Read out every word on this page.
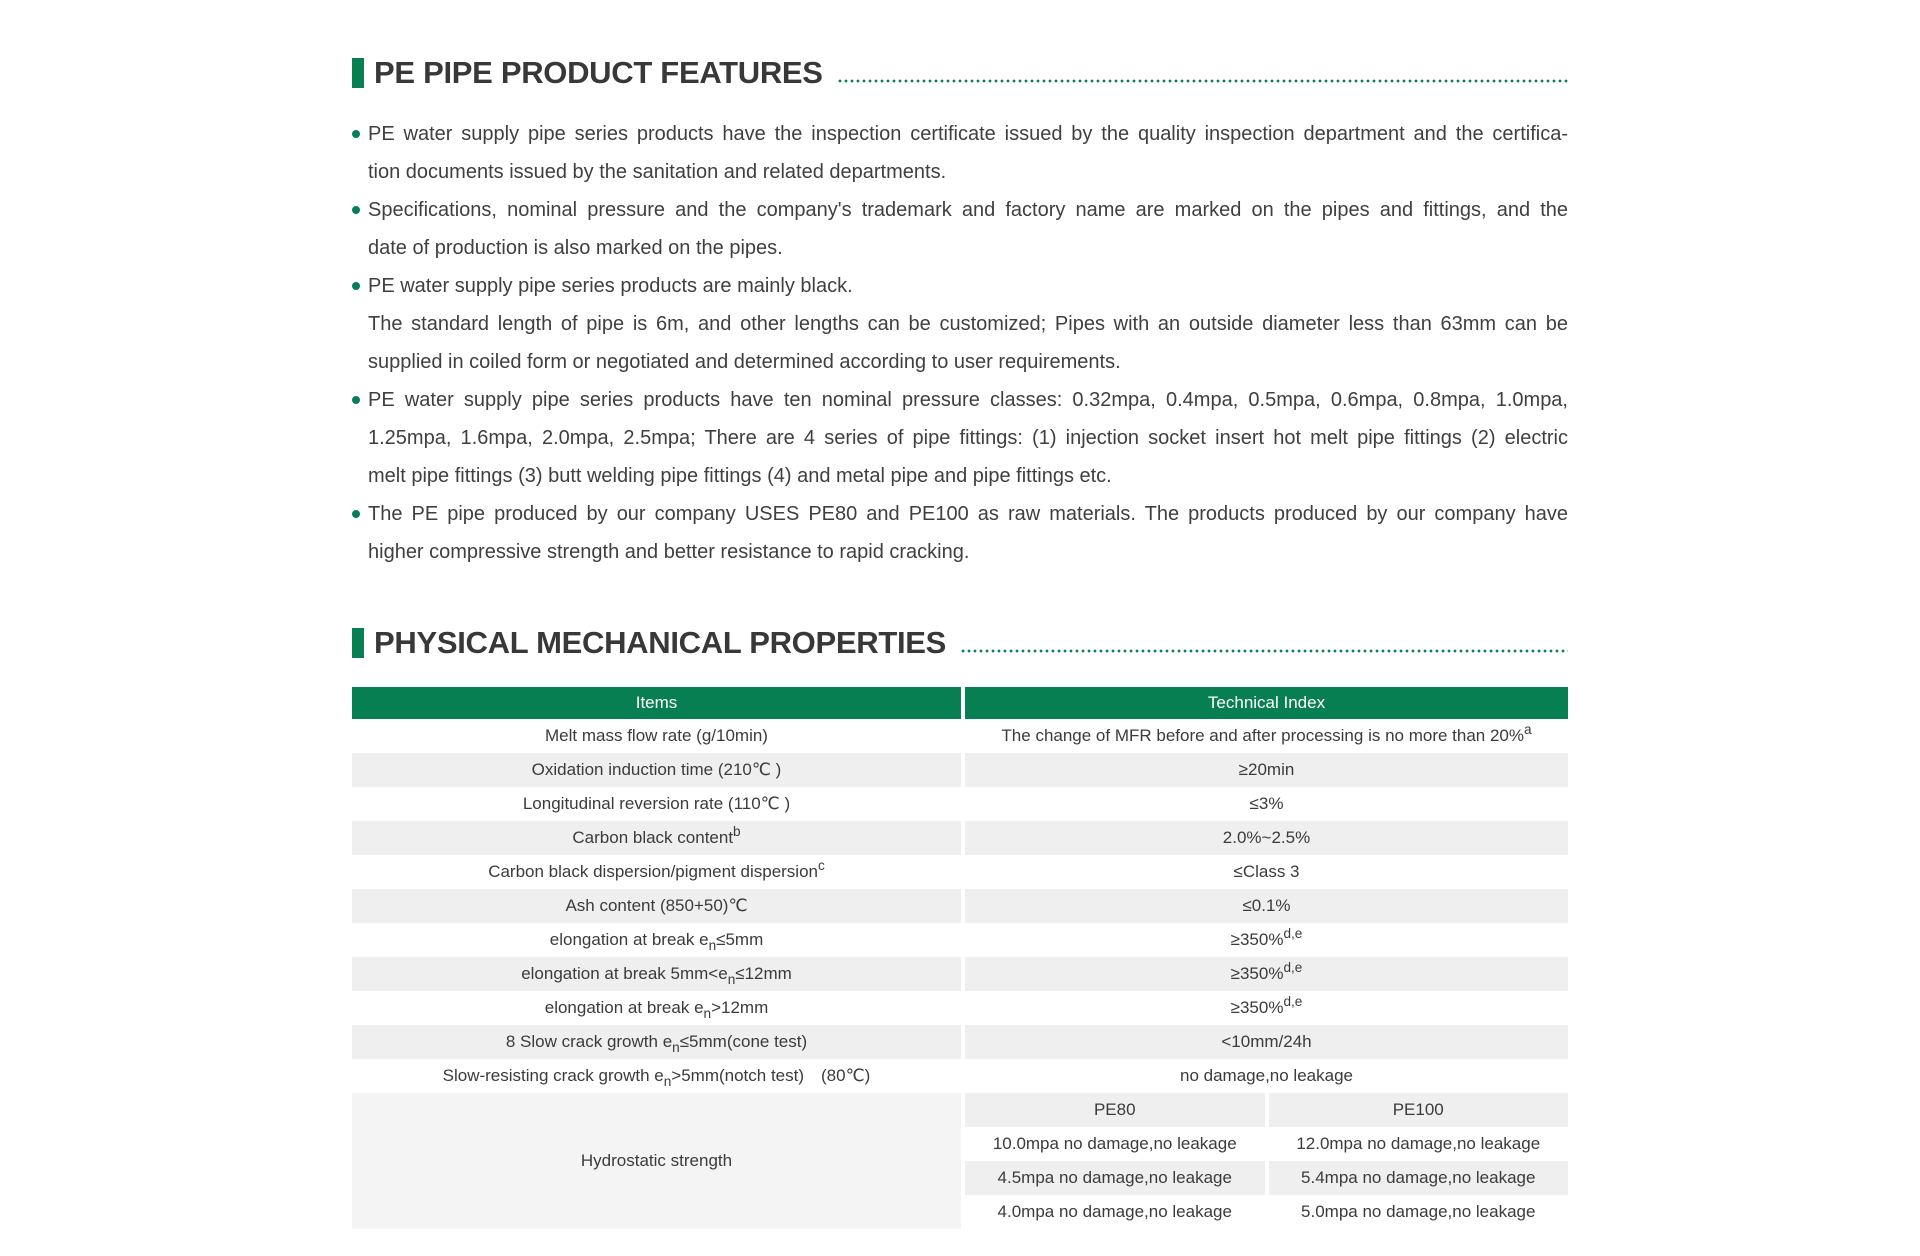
PE PIPE PRODUCT FEATURES
PE water supply pipe series products have the inspection certificate issued by the quality inspection department and the certifica-
tion documents issued by the sanitation and related departments.
Specifications, nominal pressure and the company's trademark and factory name are marked on the pipes and fittings, and the
date of production is also marked on the pipes.
PE water supply pipe series products are mainly black.
The standard length of pipe is 6m, and other lengths can be customized; Pipes with an outside diameter less than 63mm can be
supplied in coiled form or negotiated and determined according to user requirements.
PE water supply pipe series products have ten nominal pressure classes: 0.32mpa, 0.4mpa, 0.5mpa, 0.6mpa, 0.8mpa, 1.0mpa,
1.25mpa, 1.6mpa, 2.0mpa, 2.5mpa; There are 4 series of pipe fittings: (1) injection socket insert hot melt pipe fittings (2) electric
melt pipe fittings (3) butt welding pipe fittings (4) and metal pipe and pipe fittings etc.
The PE pipe produced by our company USES PE80 and PE100 as raw materials. The products produced by our company have
higher compressive strength and better resistance to rapid cracking.
PHYSICAL MECHANICAL PROPERTIES
Items	Technical Index
Melt mass flow rate (g/10min)	The change of MFR before and after processing is no more than 20%$^a$
Oxidation induction time (210℃ )	≥20min
Longitudinal reversion rate (110℃ )	≤3%
Carbon black content$^b$	2.0%~2.5%
Carbon black dispersion/pigment dispersion$^c$	≤Class 3
Ash content (850+50)℃	≤0.1%
elongation at break $e_n\le 5mm$	≥350%$^{d,e}$
elongation at break $5mm<e_n\le 12mm$	≥350%$^{d,e}$
elongation at break $e_n>12mm$	≥350%$^{d,e}$
8 Slow crack growth $e_n\le 5mm(cone$ test)	<10mm/24h
Slow-resisting crack growth $e_n>5mm(notch$ test)　(80℃)	no damage,no leakage
Hydrostatic strength
PE80	PE100
10.0mpa no damage,no leakage	12.0mpa no damage,no leakage
4.5mpa no damage,no leakage	5.4mpa no damage,no leakage
4.0mpa no damage,no leakage	5.0mpa no damage,no leakage
